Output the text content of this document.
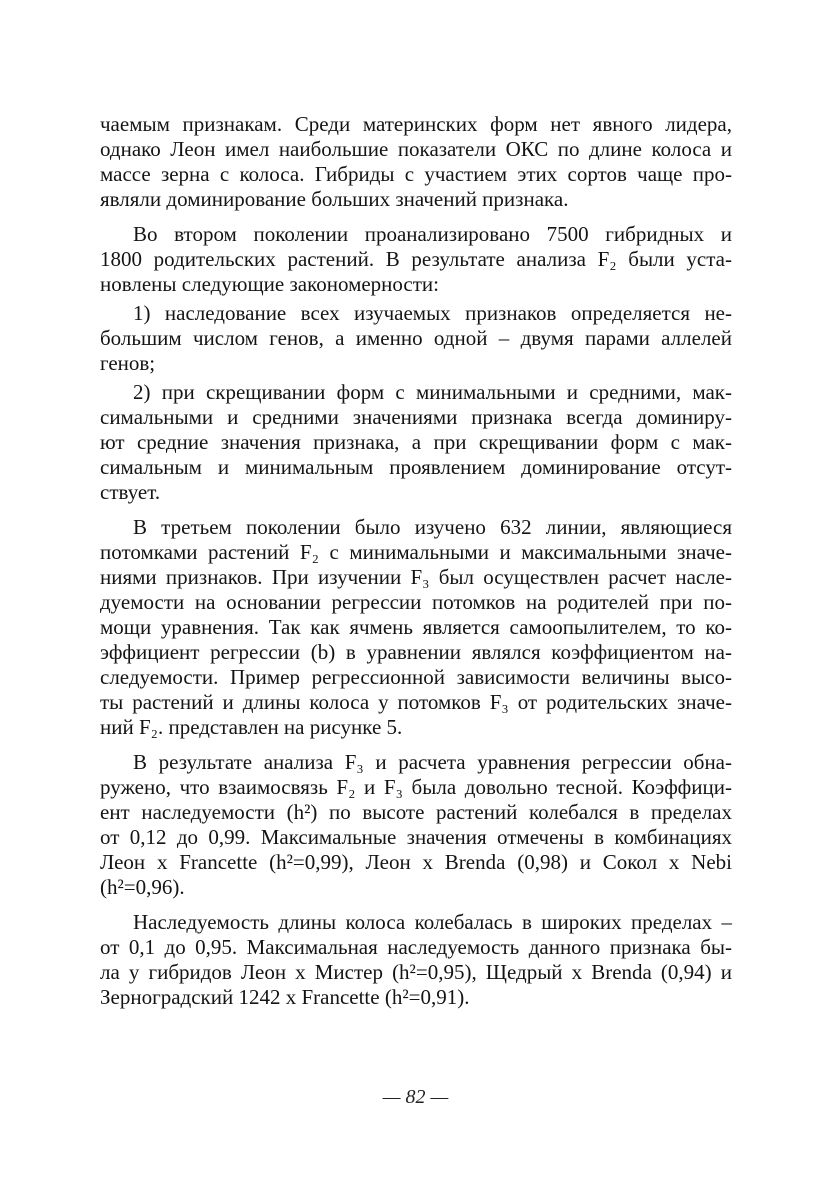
чаемым признакам. Среди материнских форм нет явного лидера,
однако Леон имел наибольшие показатели ОКС по длине колоса и
массе зерна с колоса. Гибриды с участием этих сортов чаще про-
являли доминирование больших значений признака.
Во втором поколении проанализировано 7500 гибридных и
1800 родительских растений. В результате анализа F₂ были уста-
новлены следующие закономерности:
1) наследование всех изучаемых признаков определяется не-
большим числом генов, а именно одной – двумя парами аллелей
генов;
2) при скрещивании форм с минимальными и средними, мак-
симальными и средними значениями признака всегда доминиру-
ют средние значения признака, а при скрещивании форм с мак-
симальным и минимальным проявлением доминирование отсут-
ствует.
В третьем поколении было изучено 632 линии, являющиеся
потомками растений F₂ с минимальными и максимальными значе-
ниями признаков. При изучении F₃ был осуществлен расчет насле-
дуемости на основании регрессии потомков на родителей при по-
мощи уравнения. Так как ячмень является самоопылителем, то ко-
эффициент регрессии (b) в уравнении являлся коэффициентом на-
следуемости. Пример регрессионной зависимости величины высо-
ты растений и длины колоса у потомков F₃ от родительских значе-
ний F₂. представлен на рисунке 5.
В результате анализа F₃ и расчета уравнения регрессии обна-
ружено, что взаимосвязь F₂ и F₃ была довольно тесной. Коэффици-
ент наследуемости (h²) по высоте растений колебался в пределах
от 0,12 до 0,99. Максимальные значения отмечены в комбинациях
Леон х Francette (h²=0,99), Леон х Brenda (0,98) и Сокол х Nebi
(h²=0,96).
Наследуемость длины колоса колебалась в широких пределах –
от 0,1 до 0,95. Максимальная наследуемость данного признака бы-
ла у гибридов Леон х Мистер (h²=0,95), Щедрый х Brenda (0,94) и
Зерноградский 1242 х Francette (h²=0,91).
— 82 —
